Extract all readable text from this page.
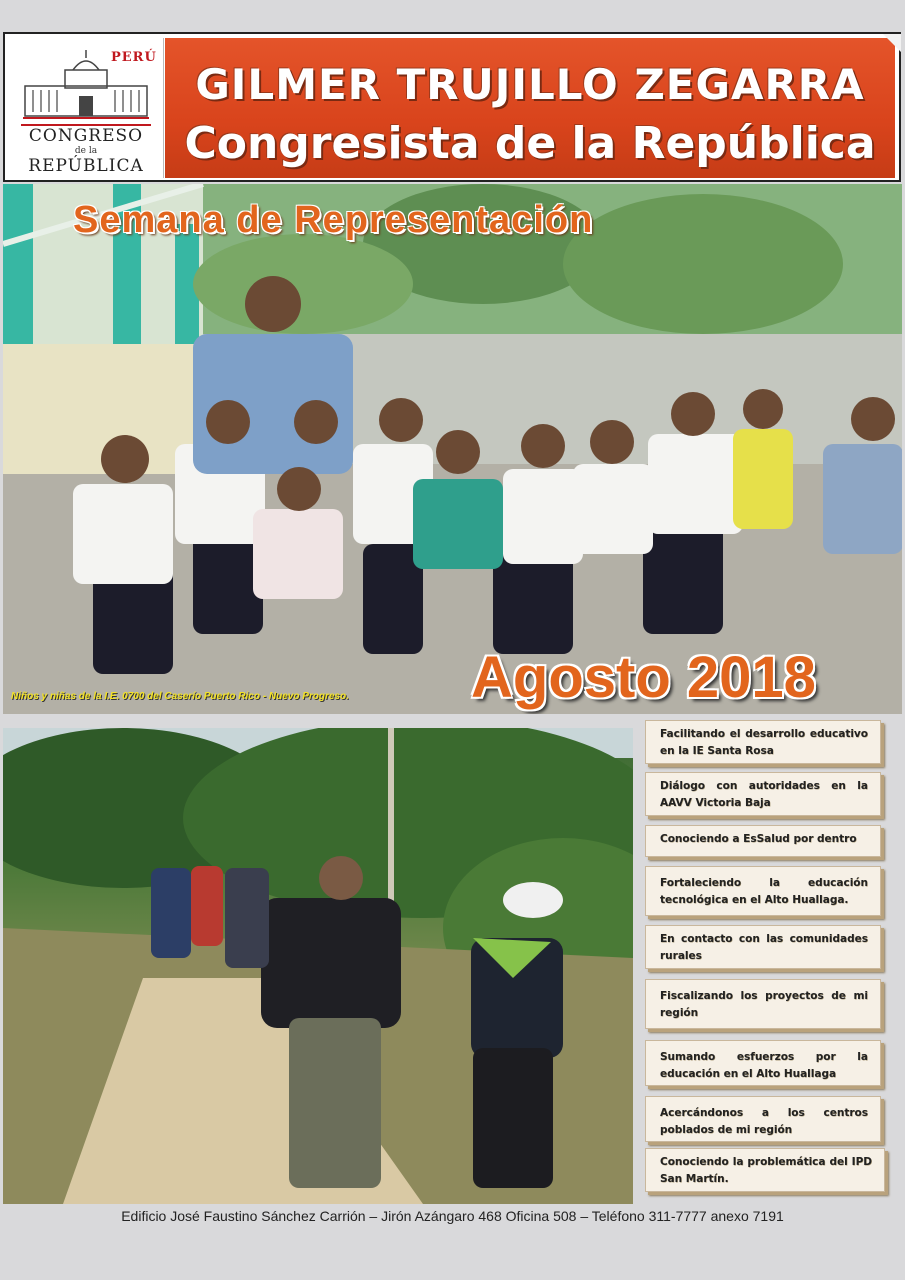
PERÚ
CONGRESO
de la
REPÚBLICA
GILMER TRUJILLO ZEGARRA
Congresista de la República
Semana de Representación
Niños y niñas de la I.E. 0700 del Caserío Puerto Rico - Nuevo Progreso. Agosto 2018
Facilitando el desarrollo educativo en la IE Santa Rosa
Diálogo con autoridades en la AAVV Victoria Baja
Conociendo a EsSalud por dentro
Fortaleciendo la educación tecnológica en el Alto Huallaga.
En contacto con las comunidades rurales
Fiscalizando los proyectos de mi región
Sumando esfuerzos por la educación en el Alto Huallaga
Acercándonos a los centros poblados de mi región
Conociendo la problemática del IPD San Martín.
Edificio José Faustino Sánchez Carrión – Jirón Azángaro 468 Oficina 508 – Teléfono 311-7777 anexo 7191
